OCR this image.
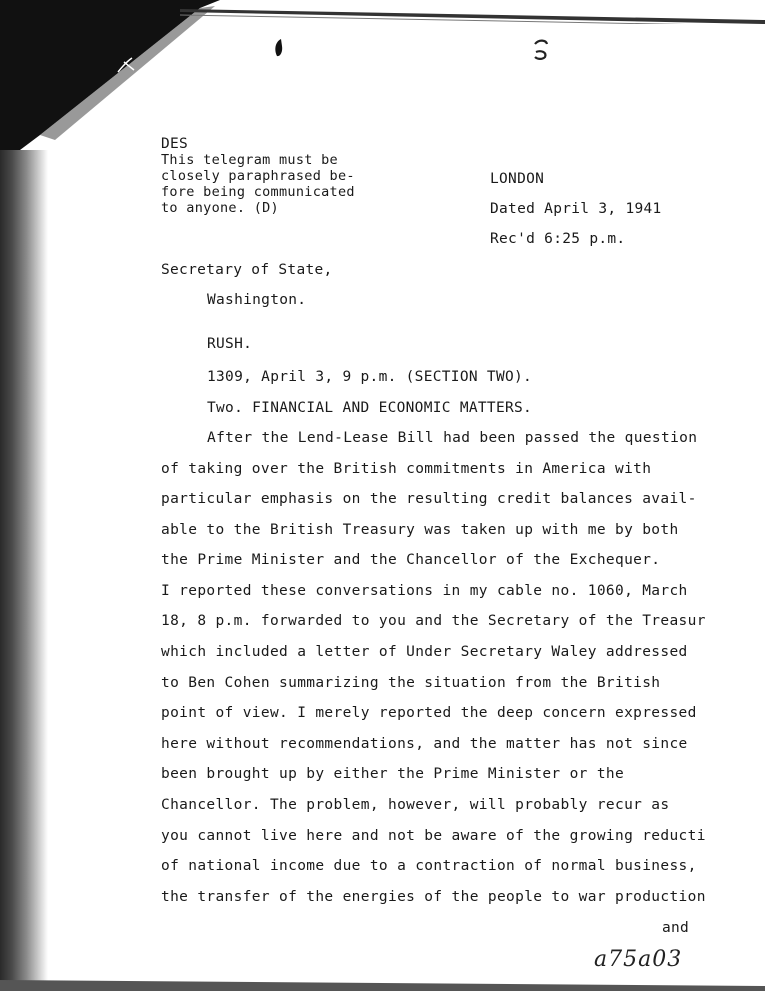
DES
This telegram must be
closely paraphrased be-
fore being communicated
to anyone. (D)
LONDON
Dated April 3, 1941
Rec'd 6:25 p.m.
Secretary of State,
Washington.
RUSH.
1309, April 3, 9 p.m. (SECTION TWO).
Two. FINANCIAL AND ECONOMIC MATTERS.
After the Lend-Lease Bill had been passed the question
of taking over the British commitments in America with
particular emphasis on the resulting credit balances avail-
able to the British Treasury was taken up with me by both
the Prime Minister and the Chancellor of the Exchequer.
I reported these conversations in my cable no. 1060, March
18, 8 p.m. forwarded to you and the Secretary of the Treasur
which included a letter of Under Secretary Waley addressed
to Ben Cohen summarizing the situation from the British
point of view. I merely reported the deep concern expressed
here without recommendations, and the matter has not since
been brought up by either the Prime Minister or the
Chancellor. The problem, however, will probably recur as
you cannot live here and not be aware of the growing reducti
of national income due to a contraction of normal business,
the transfer of the energies of the people to war production
and
a75a03
